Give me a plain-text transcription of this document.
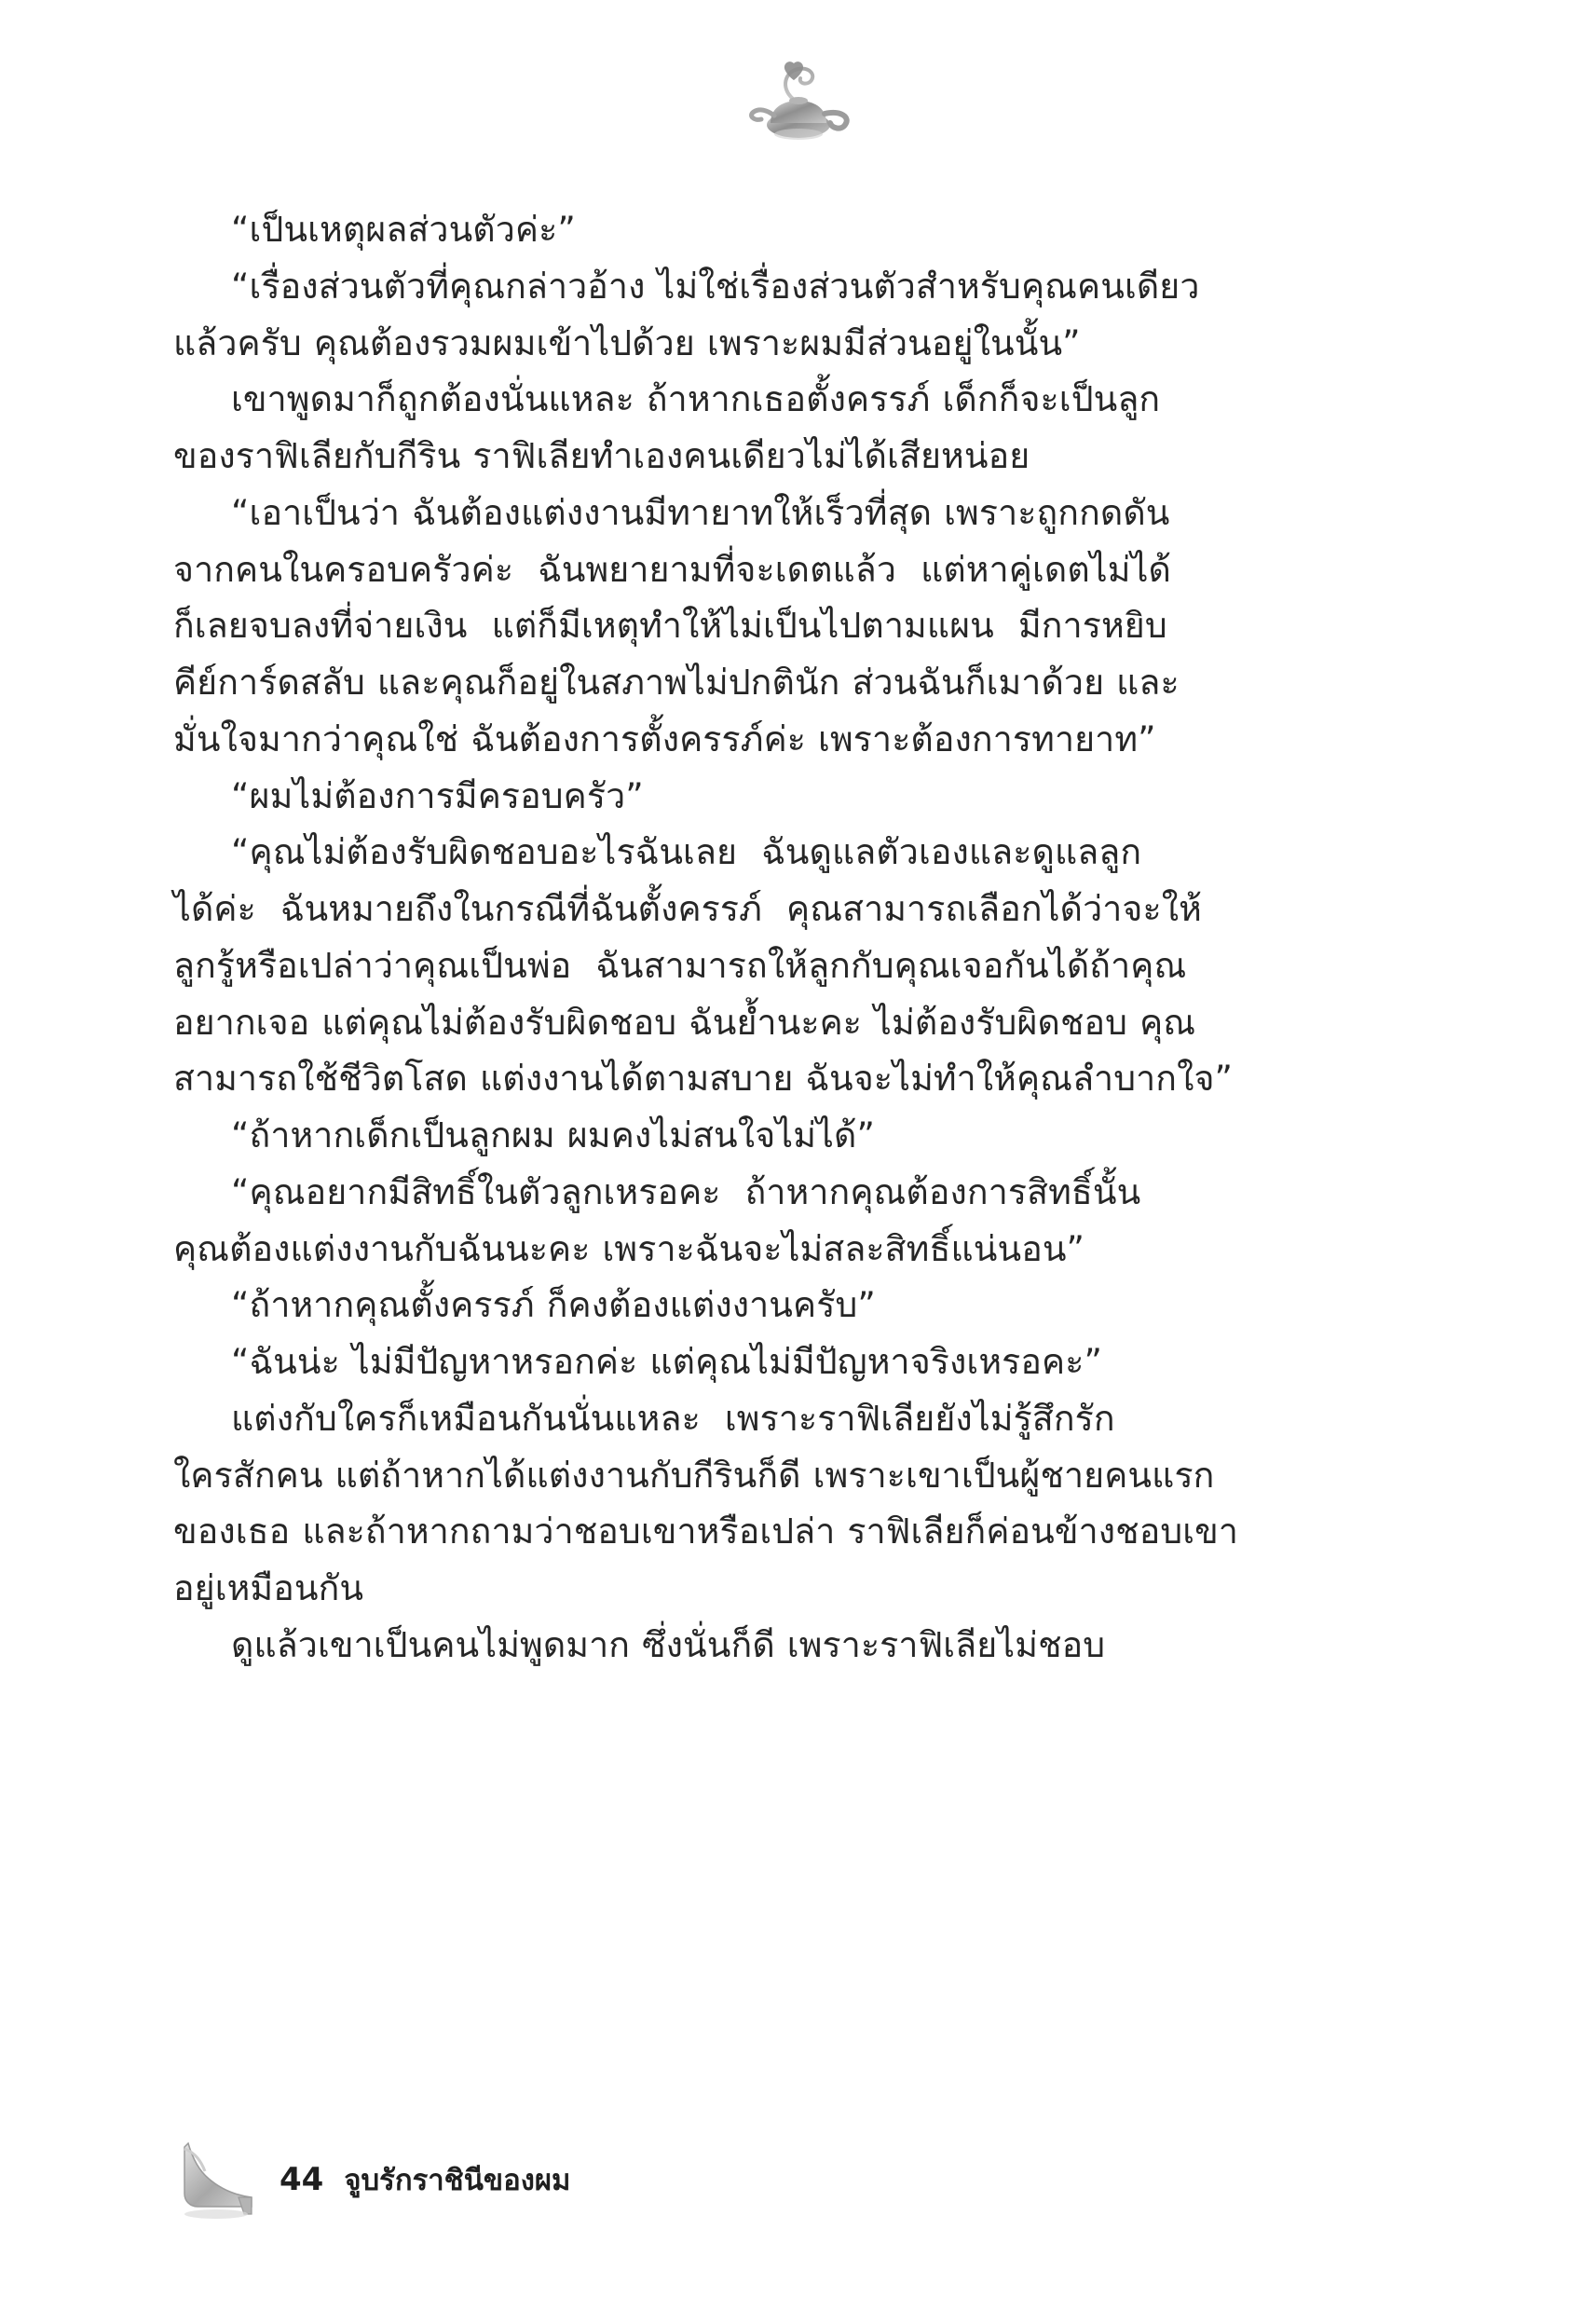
“เป็นเหตุผลส่วนตัวค่ะ”

“เรื่องส่วนตัวที่คุณกล่าวอ้าง ไม่ใช่เรื่องส่วนตัวสำหรับคุณคนเดียว
แล้วครับ คุณต้องรวมผมเข้าไปด้วย เพราะผมมีส่วนอยู่ในนั้น”

เขาพูดมาก็ถูกต้องนั่นแหละ ถ้าหากเธอตั้งครรภ์ เด็กก็จะเป็นลูก
ของราฟิเลียกับกีริน ราฟิเลียทำเองคนเดียวไม่ได้เสียหน่อย

“เอาเป็นว่า ฉันต้องแต่งงานมีทายาทให้เร็วที่สุด เพราะถูกกดดัน
จากคนในครอบครัวค่ะ  ฉันพยายามที่จะเดตแล้ว  แต่หาคู่เดตไม่ได้
ก็เลยจบลงที่จ่ายเงิน  แต่ก็มีเหตุทำให้ไม่เป็นไปตามแผน  มีการหยิบ
คีย์การ์ดสลับ และคุณก็อยู่ในสภาพไม่ปกตินัก ส่วนฉันก็เมาด้วย และ
มั่นใจมากว่าคุณใช่ ฉันต้องการตั้งครรภ์ค่ะ เพราะต้องการทายาท”

“ผมไม่ต้องการมีครอบครัว”

“คุณไม่ต้องรับผิดชอบอะไรฉันเลย  ฉันดูแลตัวเองและดูแลลูก
ได้ค่ะ  ฉันหมายถึงในกรณีที่ฉันตั้งครรภ์  คุณสามารถเลือกได้ว่าจะให้
ลูกรู้หรือเปล่าว่าคุณเป็นพ่อ  ฉันสามารถให้ลูกกับคุณเจอกันได้ถ้าคุณ
อยากเจอ แต่คุณไม่ต้องรับผิดชอบ ฉันย้ำนะคะ ไม่ต้องรับผิดชอบ คุณ
สามารถใช้ชีวิตโสด แต่งงานได้ตามสบาย ฉันจะไม่ทำให้คุณลำบากใจ”

“ถ้าหากเด็กเป็นลูกผม ผมคงไม่สนใจไม่ได้”

“คุณอยากมีสิทธิ์ในตัวลูกเหรอคะ  ถ้าหากคุณต้องการสิทธิ์นั้น
คุณต้องแต่งงานกับฉันนะคะ เพราะฉันจะไม่สละสิทธิ์แน่นอน”

“ถ้าหากคุณตั้งครรภ์ ก็คงต้องแต่งงานครับ”

“ฉันน่ะ ไม่มีปัญหาหรอกค่ะ แต่คุณไม่มีปัญหาจริงเหรอคะ”

แต่งกับใครก็เหมือนกันนั่นแหละ  เพราะราฟิเลียยังไม่รู้สึกรัก
ใครสักคน แต่ถ้าหากได้แต่งงานกับกีรินก็ดี เพราะเขาเป็นผู้ชายคนแรก
ของเธอ และถ้าหากถามว่าชอบเขาหรือเปล่า ราฟิเลียก็ค่อนข้างชอบเขา
อยู่เหมือนกัน

ดูแล้วเขาเป็นคนไม่พูดมาก ซึ่งนั่นก็ดี เพราะราฟิเลียไม่ชอบ

44 จูบรักราชินีของผม
